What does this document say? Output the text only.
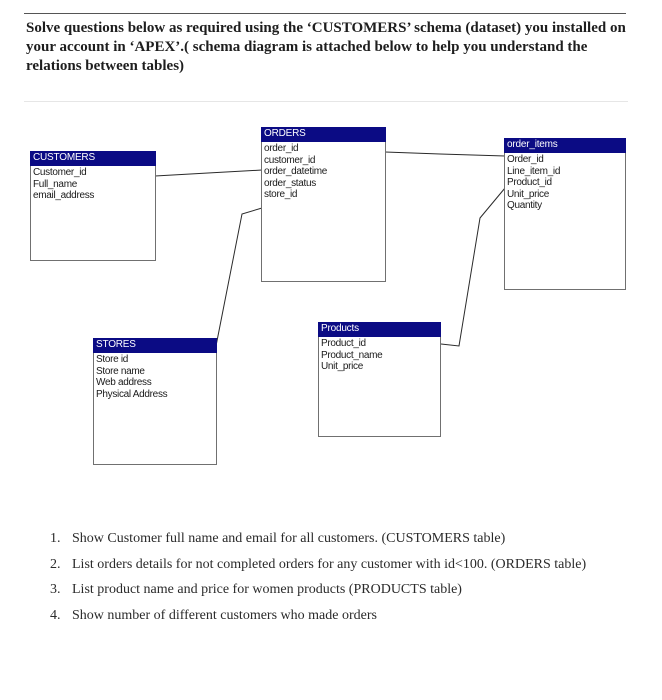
Solve questions below as required using the ‘CUSTOMERS’ schema (dataset) you installed on your account in ‘APEX’.( schema diagram is attached below to help you understand the relations between tables)
CUSTOMERS
Customer_id
Full_name
email_address
ORDERS
order_id
customer_id
order_datetime
order_status
store_id
order_items
Order_id
Line_item_id
Product_id
Unit_price
Quantity
STORES
Store id
Store name
Web address
Physical Address
Products
Product_id
Product_name
Unit_price
1. Show Customer full name and email for all customers. (CUSTOMERS table)
2. List orders details for not completed orders for any customer with id<100. (ORDERS table)
3. List product name and price for women products (PRODUCTS table)
4. Show number of different customers who made orders
